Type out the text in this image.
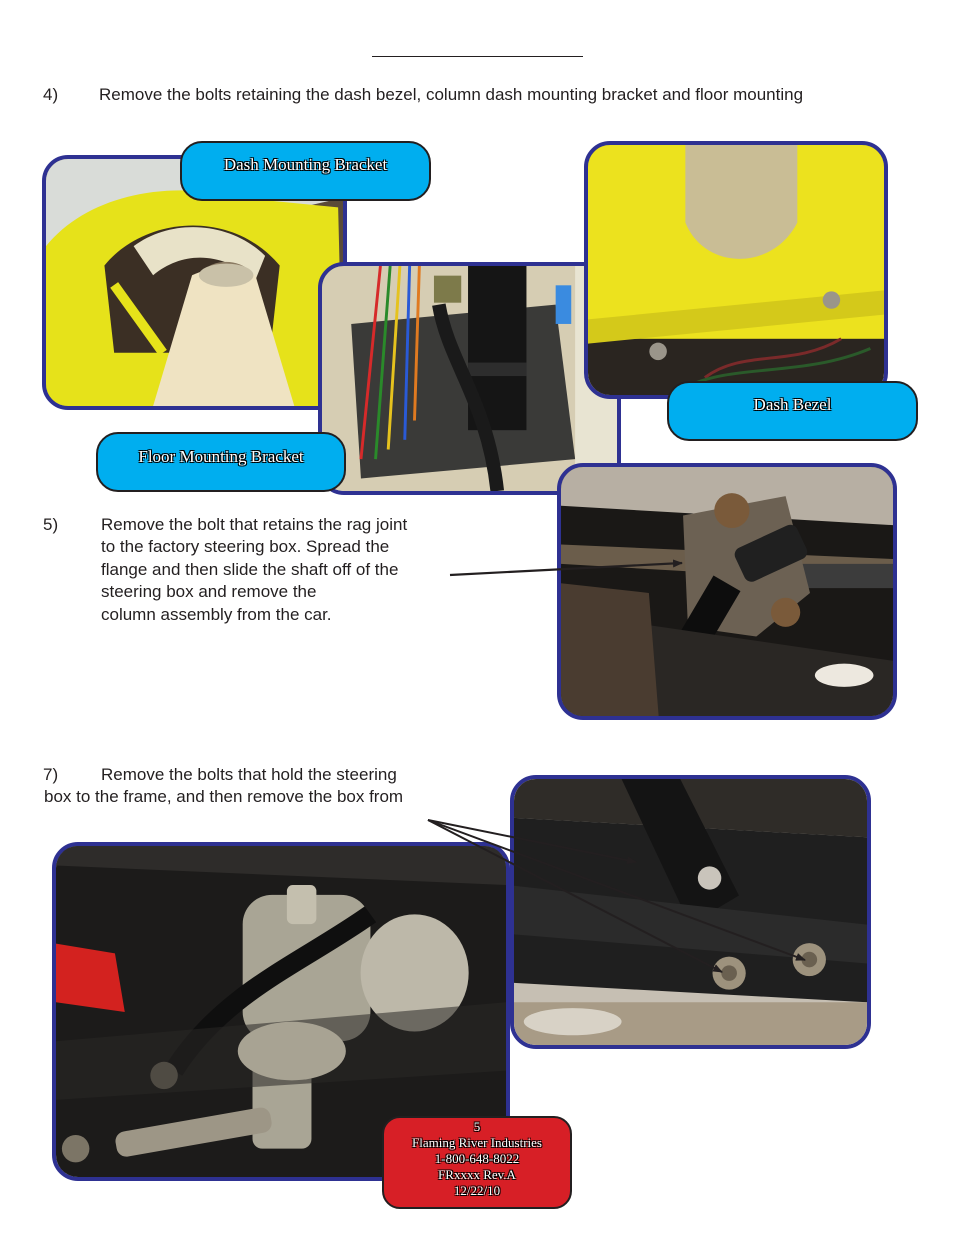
4) Remove the bolts retaining the dash bezel, column dash mounting bracket and floor mounting
Dash Mounting Bracket
Floor Mounting Bracket
Dash Bezel
5)	Remove the bolt that retains the rag joint
to the factory steering box. Spread the
flange and then slide the shaft off of the
steering box and remove the
column assembly from the car.
7)	Remove the bolts that hold the steering
box to the frame, and then remove the box from
5
Flaming River Industries
1-800-648-8022
FRxxxx Rev.A
12/22/10
